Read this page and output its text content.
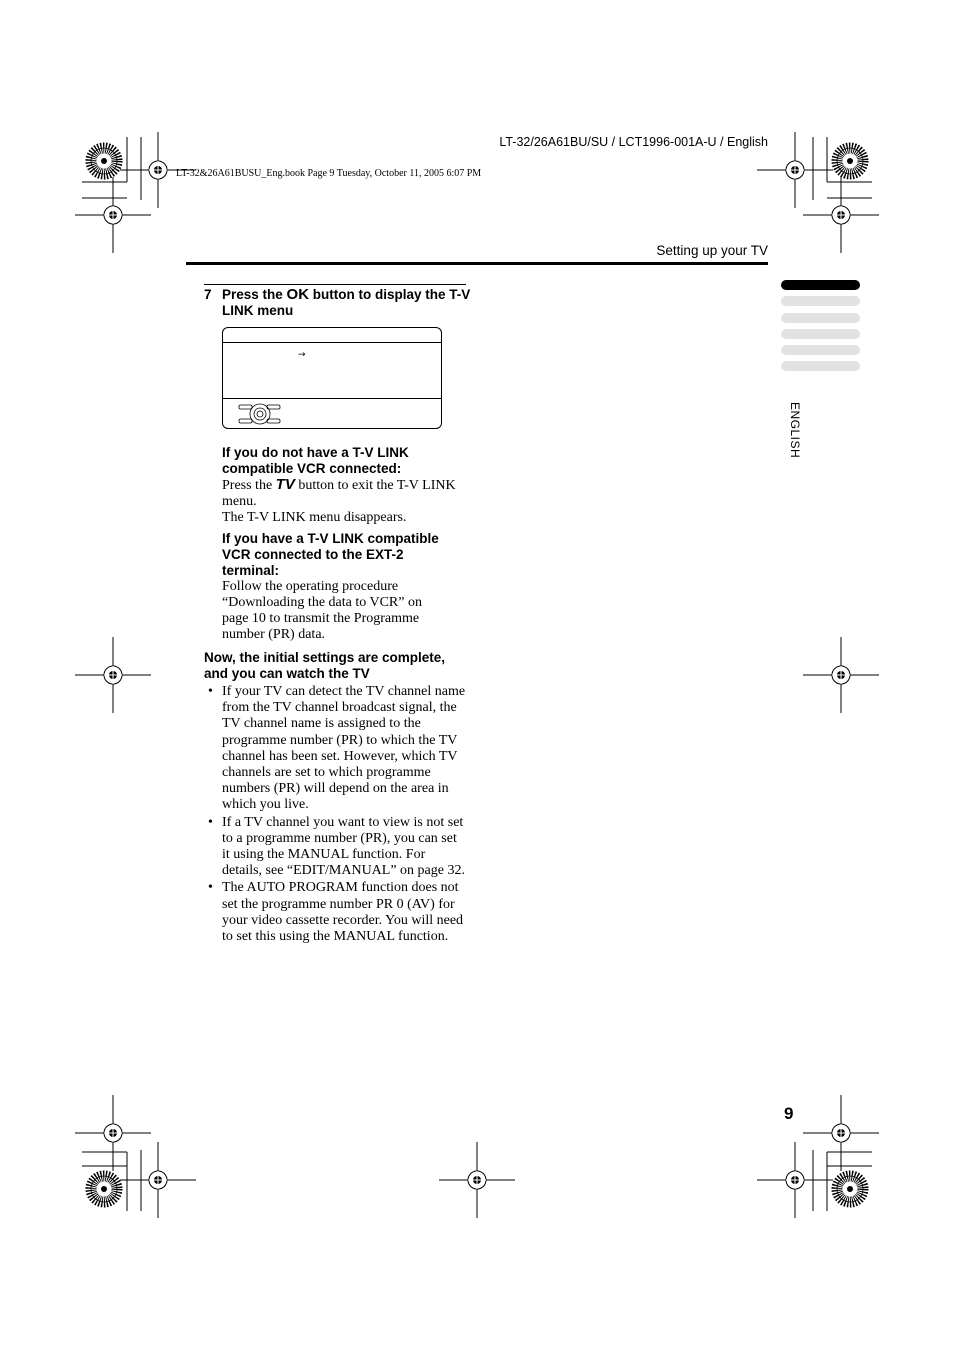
LT-32/26A61BU/SU / LCT1996-001A-U / English
LT-32&26A61BUSU_Eng.book Page 9 Tuesday, October 11, 2005 6:07 PM
Setting up your TV
7 Press the OK button to display the T-V LINK menu
→
If you do not have a T-V LINK compatible VCR connected:
Press the TV button to exit the T-V LINK menu.
The T-V LINK menu disappears.
If you have a T-V LINK compatible VCR connected to the EXT-2 terminal:
Follow the operating procedure “Downloading the data to VCR” on page 10 to transmit the Programme number (PR) data.
Now, the initial settings are complete, and you can watch the TV
• If your TV can detect the TV channel name from the TV channel broadcast signal, the TV channel name is assigned to the programme number (PR) to which the TV channel has been set. However, which TV channels are set to which programme numbers (PR) will depend on the area in which you live.
• If a TV channel you want to view is not set to a programme number (PR), you can set it using the MANUAL function. For details, see “EDIT/MANUAL” on page 32.
• The AUTO PROGRAM function does not set the programme number PR 0 (AV) for your video cassette recorder. You will need to set this using the MANUAL function.
ENGLISH
9
